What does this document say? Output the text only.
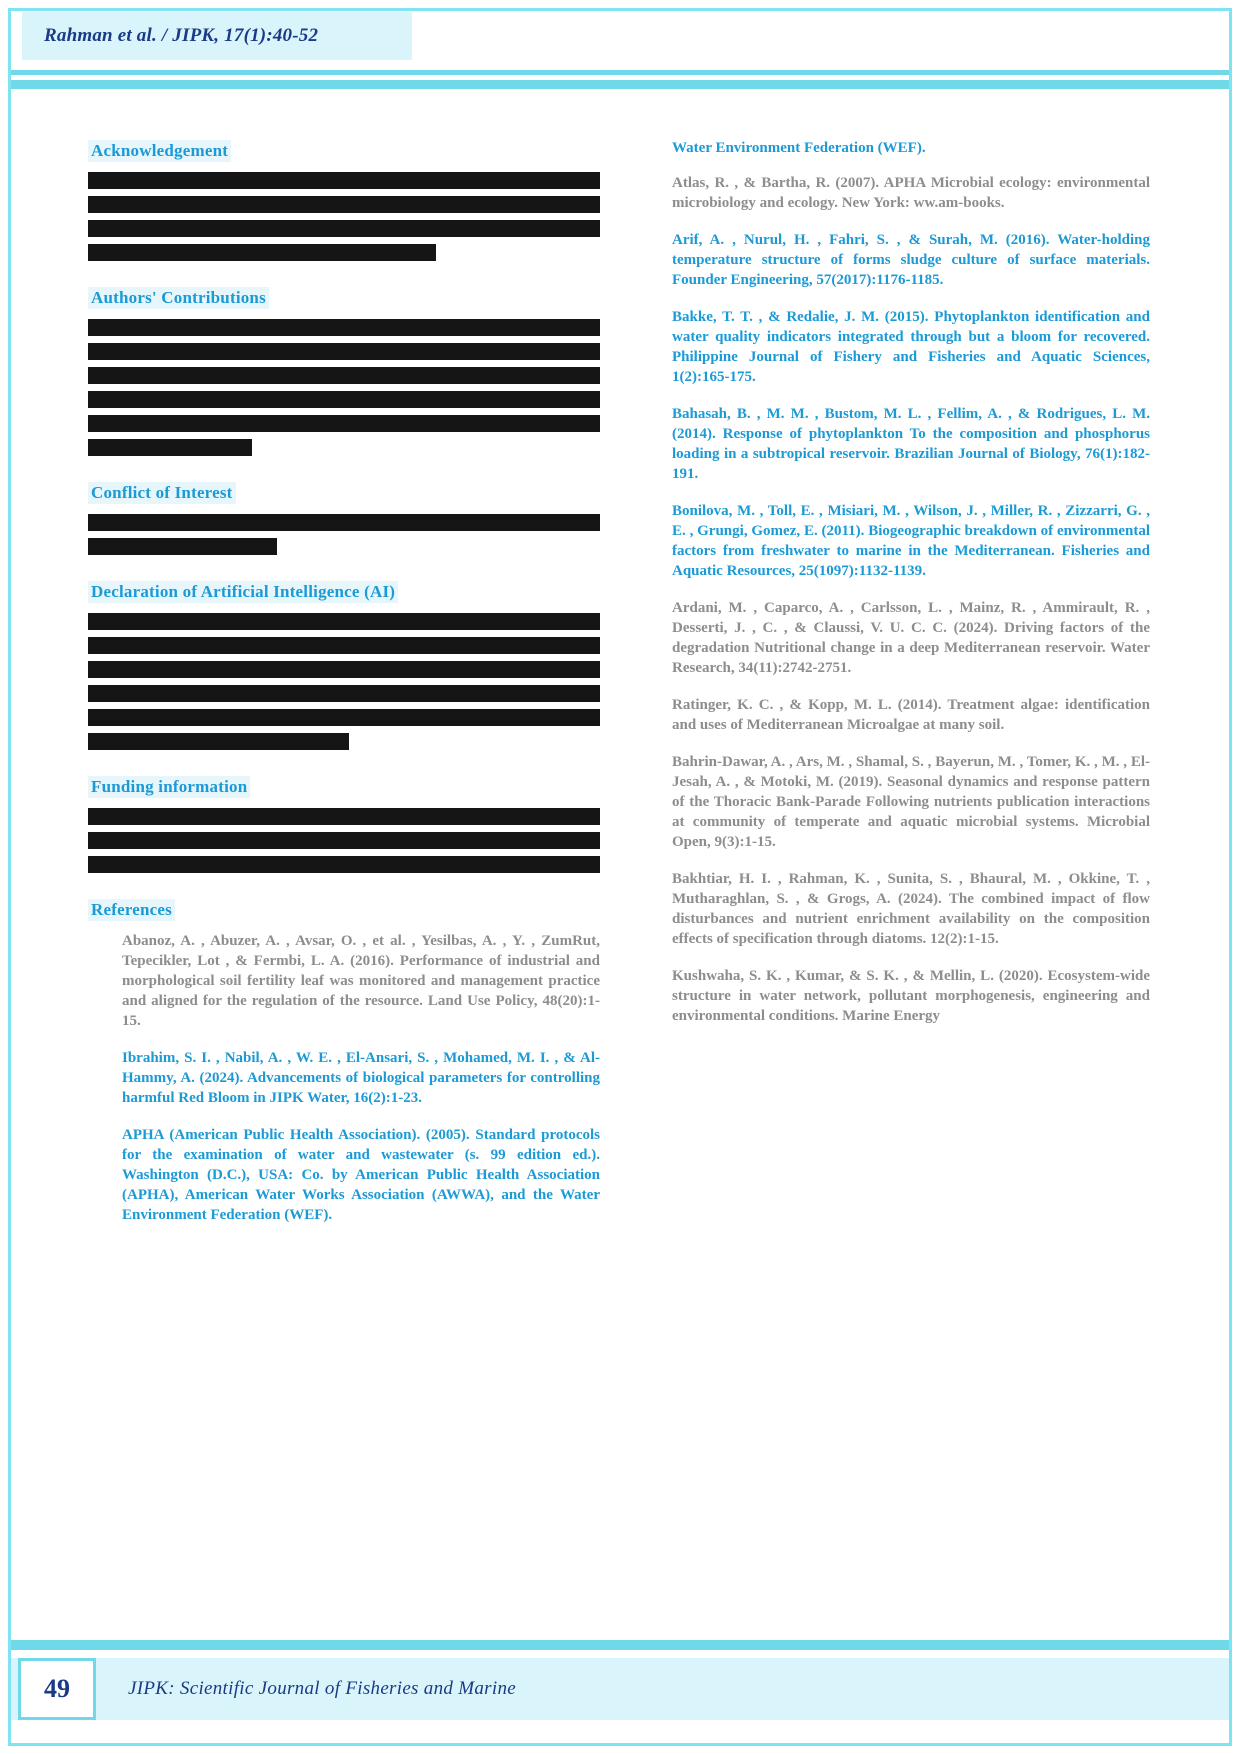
Rahman et al. / JIPK, 17(1):40-52
Acknowledgement
Authors' Contributions
Conflict of Interest
Declaration of Artificial Intelligence (AI)
Funding information
References
Abanoz, A. , Abuzer, A. , Avsar, O. , et al. , Yesilbas, A. , Y. , ZumRut, Tepecikler, Lot , & Fermbi, L. A. (2016). Performance of industrial and morphological soil fertility leaf was monitored and management practice and aligned for the regulation of the resource. Land Use Policy, 48(20):1-15.
Ibrahim, S. I. , Nabil, A. , W. E. , El-Ansari, S. , Mohamed, M. I. , & Al-Hammy, A. (2024). Advancements of biological parameters for controlling harmful Red Bloom in JIPK Water, 16(2):1-23.
APHA (American Public Health Association). (2005). Standard protocols for the examination of water and wastewater (s. 99 edition ed.). Washington (D.C.), USA: Co. by American Public Health Association (APHA), American Water Works Association (AWWA), and the Water Environment Federation (WEF).
Water Environment Federation (WEF).
Atlas, R. , & Bartha, R. (2007). APHA Microbial ecology: environmental microbiology and ecology. New York: ww.am-books.
Arif, A. , Nurul, H. , Fahri, S. , & Surah, M. (2016). Water-holding temperature structure of forms sludge culture of surface materials. Founder Engineering, 57(2017):1176-1185.
Bakke, T. T. , & Redalie, J. M. (2015). Phytoplankton identification and water quality indicators integrated through but a bloom for recovered. Philippine Journal of Fishery and Fisheries and Aquatic Sciences, 1(2):165-175.
Bahasah, B. , M. M. , Bustom, M. L. , Fellim, A. , & Rodrigues, L. M. (2014). Response of phytoplankton To the composition and phosphorus loading in a subtropical reservoir. Brazilian Journal of Biology, 76(1):182-191.
Bonilova, M. , Toll, E. , Misiari, M. , Wilson, J. , Miller, R. , Zizzarri, G. , E. , Grungi, Gomez, E. (2011). Biogeographic breakdown of environmental factors from freshwater to marine in the Mediterranean. Fisheries and Aquatic Resources, 25(1097):1132-1139.
Ardani, M. , Caparco, A. , Carlsson, L. , Mainz, R. , Ammirault, R. , Desserti, J. , C. , & Claussi, V. U. C. C. (2024). Driving factors of the degradation Nutritional change in a deep Mediterranean reservoir. Water Research, 34(11):2742-2751.
Ratinger, K. C. , & Kopp, M. L. (2014). Treatment algae: identification and uses of Mediterranean Microalgae at many soil.
Bahrin-Dawar, A. , Ars, M. , Shamal, S. , Bayerun, M. , Tomer, K. , M. , El-Jesah, A. , & Motoki, M. (2019). Seasonal dynamics and response pattern of the Thoracic Bank-Parade Following nutrients publication interactions at community of temperate and aquatic microbial systems. Microbial Open, 9(3):1-15.
Bakhtiar, H. I. , Rahman, K. , Sunita, S. , Bhaural, M. , Okkine, T. , Mutharaghlan, S. , & Grogs, A. (2024). The combined impact of flow disturbances and nutrient enrichment availability on the composition effects of specification through diatoms. 12(2):1-15.
Kushwaha, S. K. , Kumar, & S. K. , & Mellin, L. (2020). Ecosystem-wide structure in water network, pollutant morphogenesis, engineering and environmental conditions. Marine Energy
49	JIPK: Scientific Journal of Fisheries and Marine
